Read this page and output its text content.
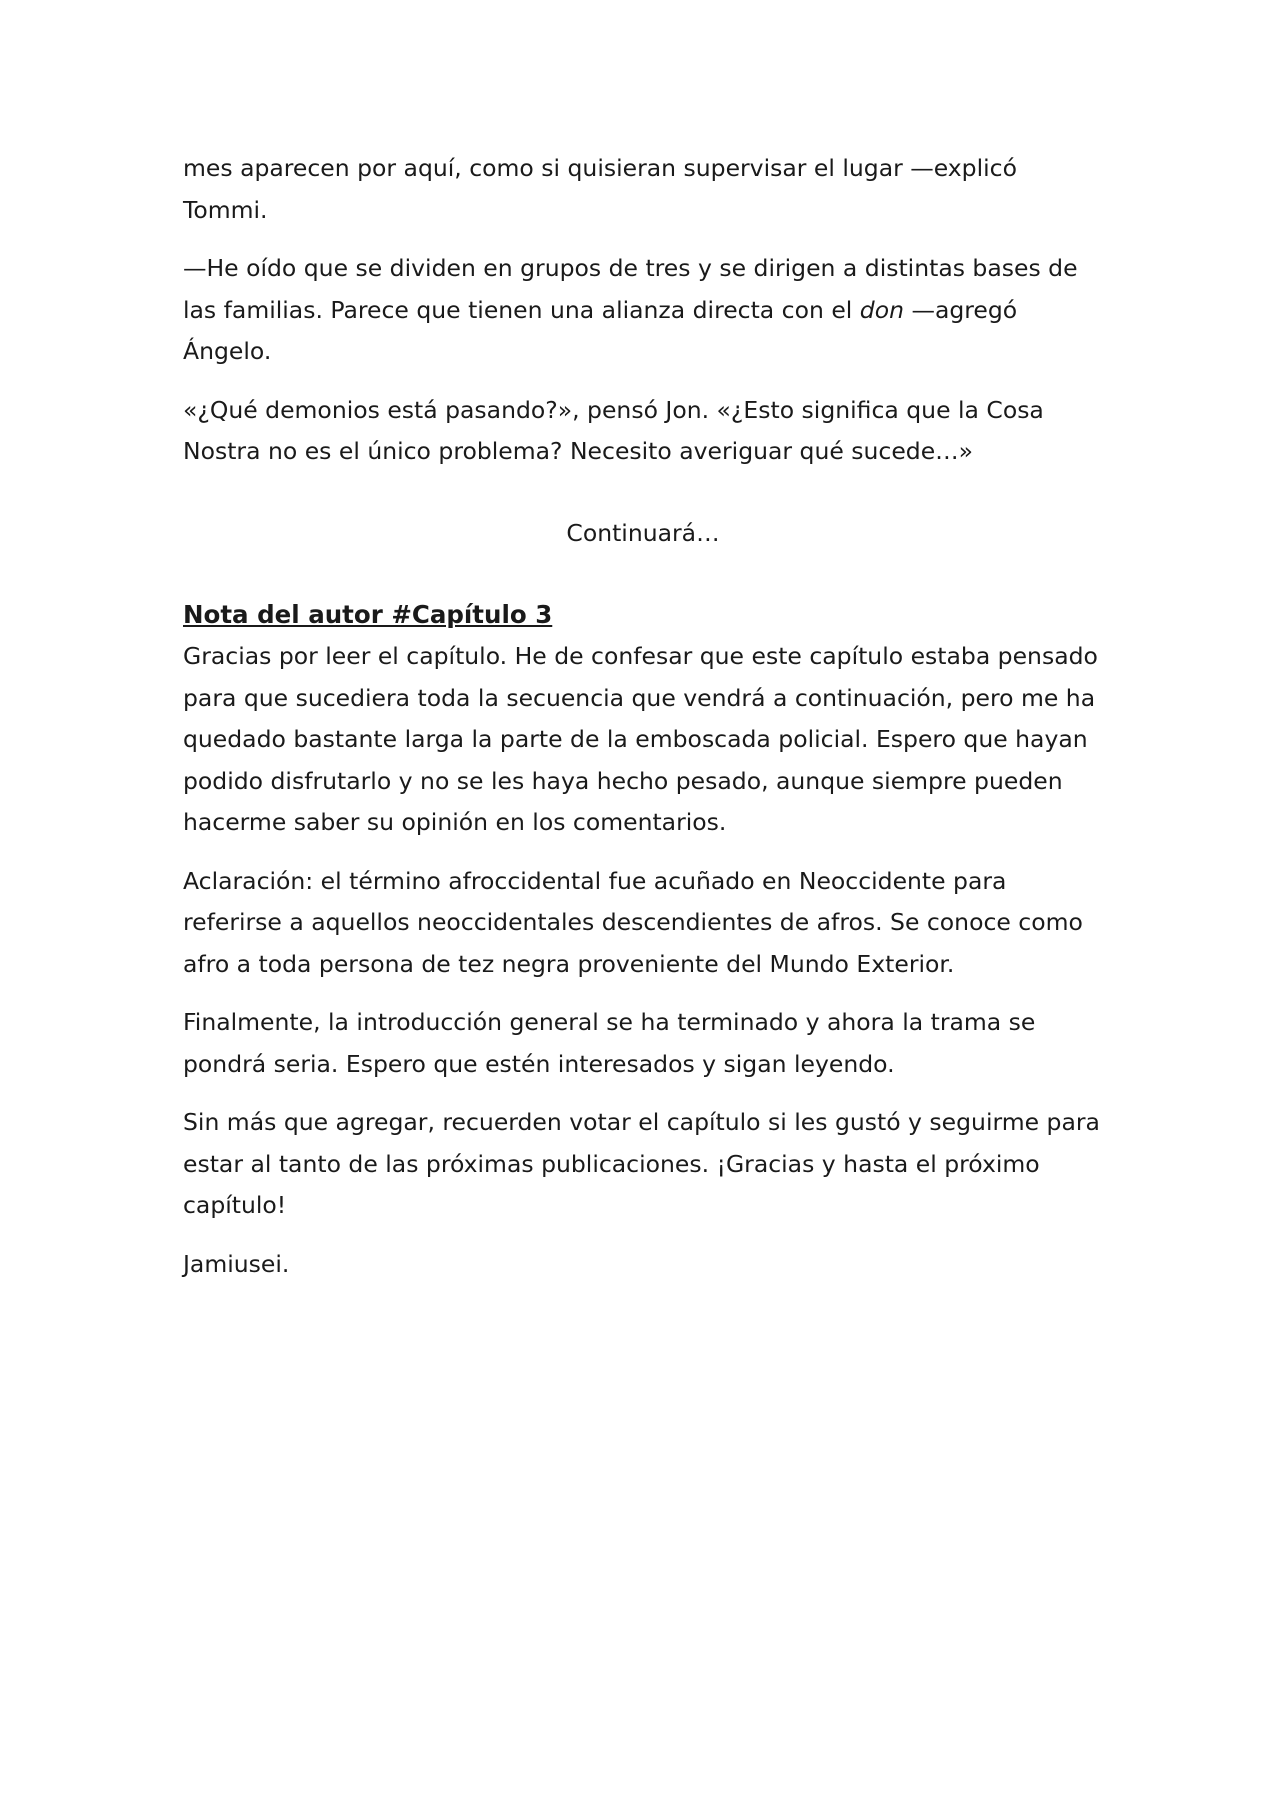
mes aparecen por aquí, como si quisieran supervisar el lugar —explicó Tommi.

—He oído que se dividen en grupos de tres y se dirigen a distintas bases de las familias. Parece que tienen una alianza directa con el don —agregó Ángelo.

«¿Qué demonios está pasando?», pensó Jon. «¿Esto significa que la Cosa Nostra no es el único problema? Necesito averiguar qué sucede…»

Continuará…

Nota del autor #Capítulo 3

Gracias por leer el capítulo. He de confesar que este capítulo estaba pensado para que sucediera toda la secuencia que vendrá a continuación, pero me ha quedado bastante larga la parte de la emboscada policial. Espero que hayan podido disfrutarlo y no se les haya hecho pesado, aunque siempre pueden hacerme saber su opinión en los comentarios.

Aclaración: el término afroccidental fue acuñado en Neoccidente para referirse a aquellos neoccidentales descendientes de afros. Se conoce como afro a toda persona de tez negra proveniente del Mundo Exterior.

Finalmente, la introducción general se ha terminado y ahora la trama se pondrá seria. Espero que estén interesados y sigan leyendo.

Sin más que agregar, recuerden votar el capítulo si les gustó y seguirme para estar al tanto de las próximas publicaciones. ¡Gracias y hasta el próximo capítulo!

Jamiusei.
